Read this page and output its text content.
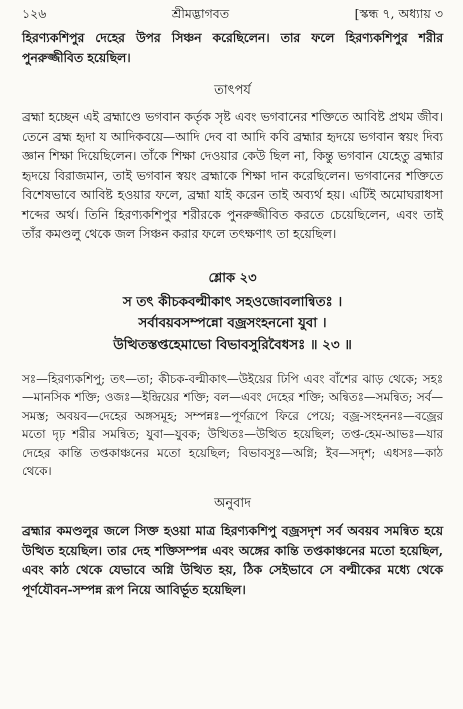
১২৬	শ্রীমদ্ভাগবত	[স্কন্ধ ৭, অধ্যায় ৩

হিরণ্যকশিপুর দেহের উপর সিঞ্চন করেছিলেন। তার ফলে হিরণ্যকশিপুর শরীর পুনরুজ্জীবিত হয়েছিল।

তাৎপর্য

ব্রহ্মা হচ্ছেন এই ব্রহ্মাণ্ডে ভগবান কর্তৃক সৃষ্ট এবং ভগবানের শক্তিতে আবিষ্ট প্রথম জীব। তেনে ব্রহ্ম হৃদা য আদিকবয়ে—আদি দেব বা আদি কবি ব্রহ্মার হৃদয়ে ভগবান স্বয়ং দিব্য জ্ঞান শিক্ষা দিয়েছিলেন। তাঁকে শিক্ষা দেওয়ার কেউ ছিল না, কিন্তু ভগবান যেহেতু ব্রহ্মার হৃদয়ে বিরাজমান, তাই ভগবান স্বয়ং ব্রহ্মাকে শিক্ষা দান করেছিলেন। ভগবানের শক্তিতে বিশেষভাবে আবিষ্ট হওয়ার ফলে, ব্রহ্মা যাই করেন তাই অব্যর্থ হয়। এটিই অমোঘরাধসা শব্দের অর্থ। তিনি হিরণ্যকশিপুর শরীরকে পুনরুজ্জীবিত করতে চেয়েছিলেন, এবং তাই তাঁর কমণ্ডলু থেকে জল সিঞ্চন করার ফলে তৎক্ষণাৎ তা হয়েছিল।

শ্লোক ২৩
স তৎ কীচকবল্মীকাৎ সহওজোবলান্বিতঃ ।
সর্বাবয়বসম্পন্নো বজ্রসংহননো যুবা ।
উত্থিতস্তপ্তহেমাভো বিভাবসুরিবৈধসঃ ॥ ২৩ ॥

সঃ—হিরণ্যকশিপু; তৎ—তা; কীচক-বল্মীকাৎ—উইয়ের ঢিপি এবং বাঁশের ঝাড় থেকে; সহঃ—মানসিক শক্তি; ওজঃ—ইন্দ্রিয়ের শক্তি; বল—এবং দেহের শক্তি; অন্বিতঃ—সমন্বিত; সর্ব—সমস্ত; অবয়ব—দেহের অঙ্গসমূহ; সম্পন্নঃ—পূর্ণরূপে ফিরে পেয়ে; বজ্র-সংহননঃ—বজ্রের মতো দৃঢ় শরীর সমন্বিত; যুবা—যুবক; উত্থিতঃ—উত্থিত হয়েছিল; তপ্ত-হেম-আভঃ—যার দেহের কান্তি তপ্তকাঞ্চনের মতো হয়েছিল; বিভাবসুঃ—অগ্নি; ইব—সদৃশ; এধসঃ—কাঠ থেকে।

অনুবাদ

ব্রহ্মার কমণ্ডলুর জলে সিক্ত হওয়া মাত্র হিরণ্যকশিপু বজ্রসদৃশ সর্ব অবয়ব সমন্বিত হয়ে উত্থিত হয়েছিল। তার দেহ শক্তিসম্পন্ন এবং অঙ্গের কান্তি তপ্তকাঞ্চনের মতো হয়েছিল, এবং কাঠ থেকে যেভাবে অগ্নি উত্থিত হয়, ঠিক সেইভাবে সে বল্মীকের মধ্যে থেকে পূর্ণযৌবন-সম্পন্ন রূপ নিয়ে আবির্ভূত হয়েছিল।
